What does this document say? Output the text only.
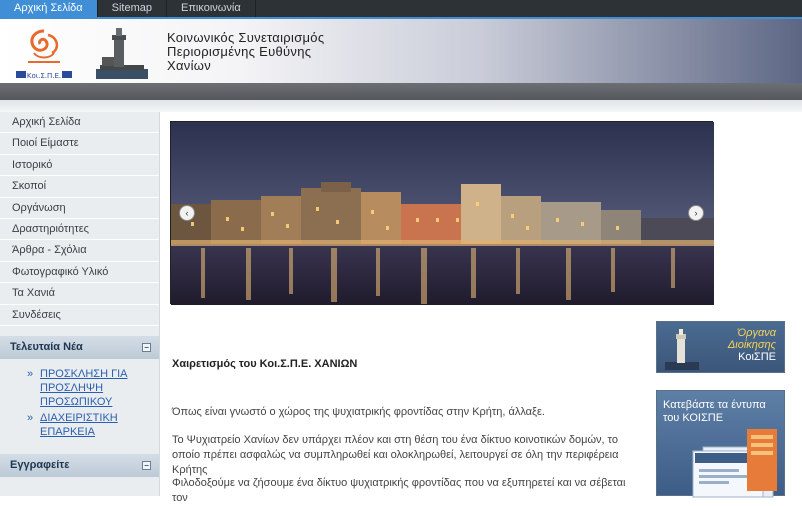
Αρχική Σελίδα	Sitemap	Επικοινωνία
Κοι.Σ.Π.Ε.
Κοινωνικός Συνεταιρισμός
Περιορισμένης Ευθύνης
Χανίων
Αρχική Σελίδα
Ποιοί Είμαστε
Ιστορικό
Σκοποί
Οργάνωση
Δραστηριότητες
Άρθρα - Σχόλια
Φωτογραφικό Υλικό
Τα Χανιά
Συνδέσεις
Τελευταία Νέα	−
» ΠΡΟΣΚΛΗΣΗ ΓΙΑ ΠΡΟΣΛΗΨΗ ΠΡΟΣΩΠΙΚΟΥ
» ΔΙΑΧΕΙΡΙΣΤΙΚΗ ΕΠΑΡΚΕΙΑ
Εγγραφείτε	−
‹	›
Χαιρετισμός του Κοι.Σ.Π.Ε. ΧΑΝΙΩΝ
Όπως είναι γνωστό ο χώρος της ψυχιατρικής φροντίδας στην Κρήτη, άλλαξε.
Το Ψυχιατρείο Χανίων δεν υπάρχει πλέον και στη θέση του ένα δίκτυο κοινοτικών δομών, το οποίο πρέπει ασφαλώς να συμπληρωθεί και ολοκληρωθεί, λειτουργεί σε όλη την περιφέρεια Κρήτης
Φιλοδοξούμε να ζήσουμε ένα δίκτυο ψυχιατρικής φροντίδας που να εξυπηρετεί και να σέβεται τον
Όργανα
Διοίκησης
ΚοιΣΠΕ
Κατεβάστε τα έντυπα
του ΚΟΙΣΠΕ
